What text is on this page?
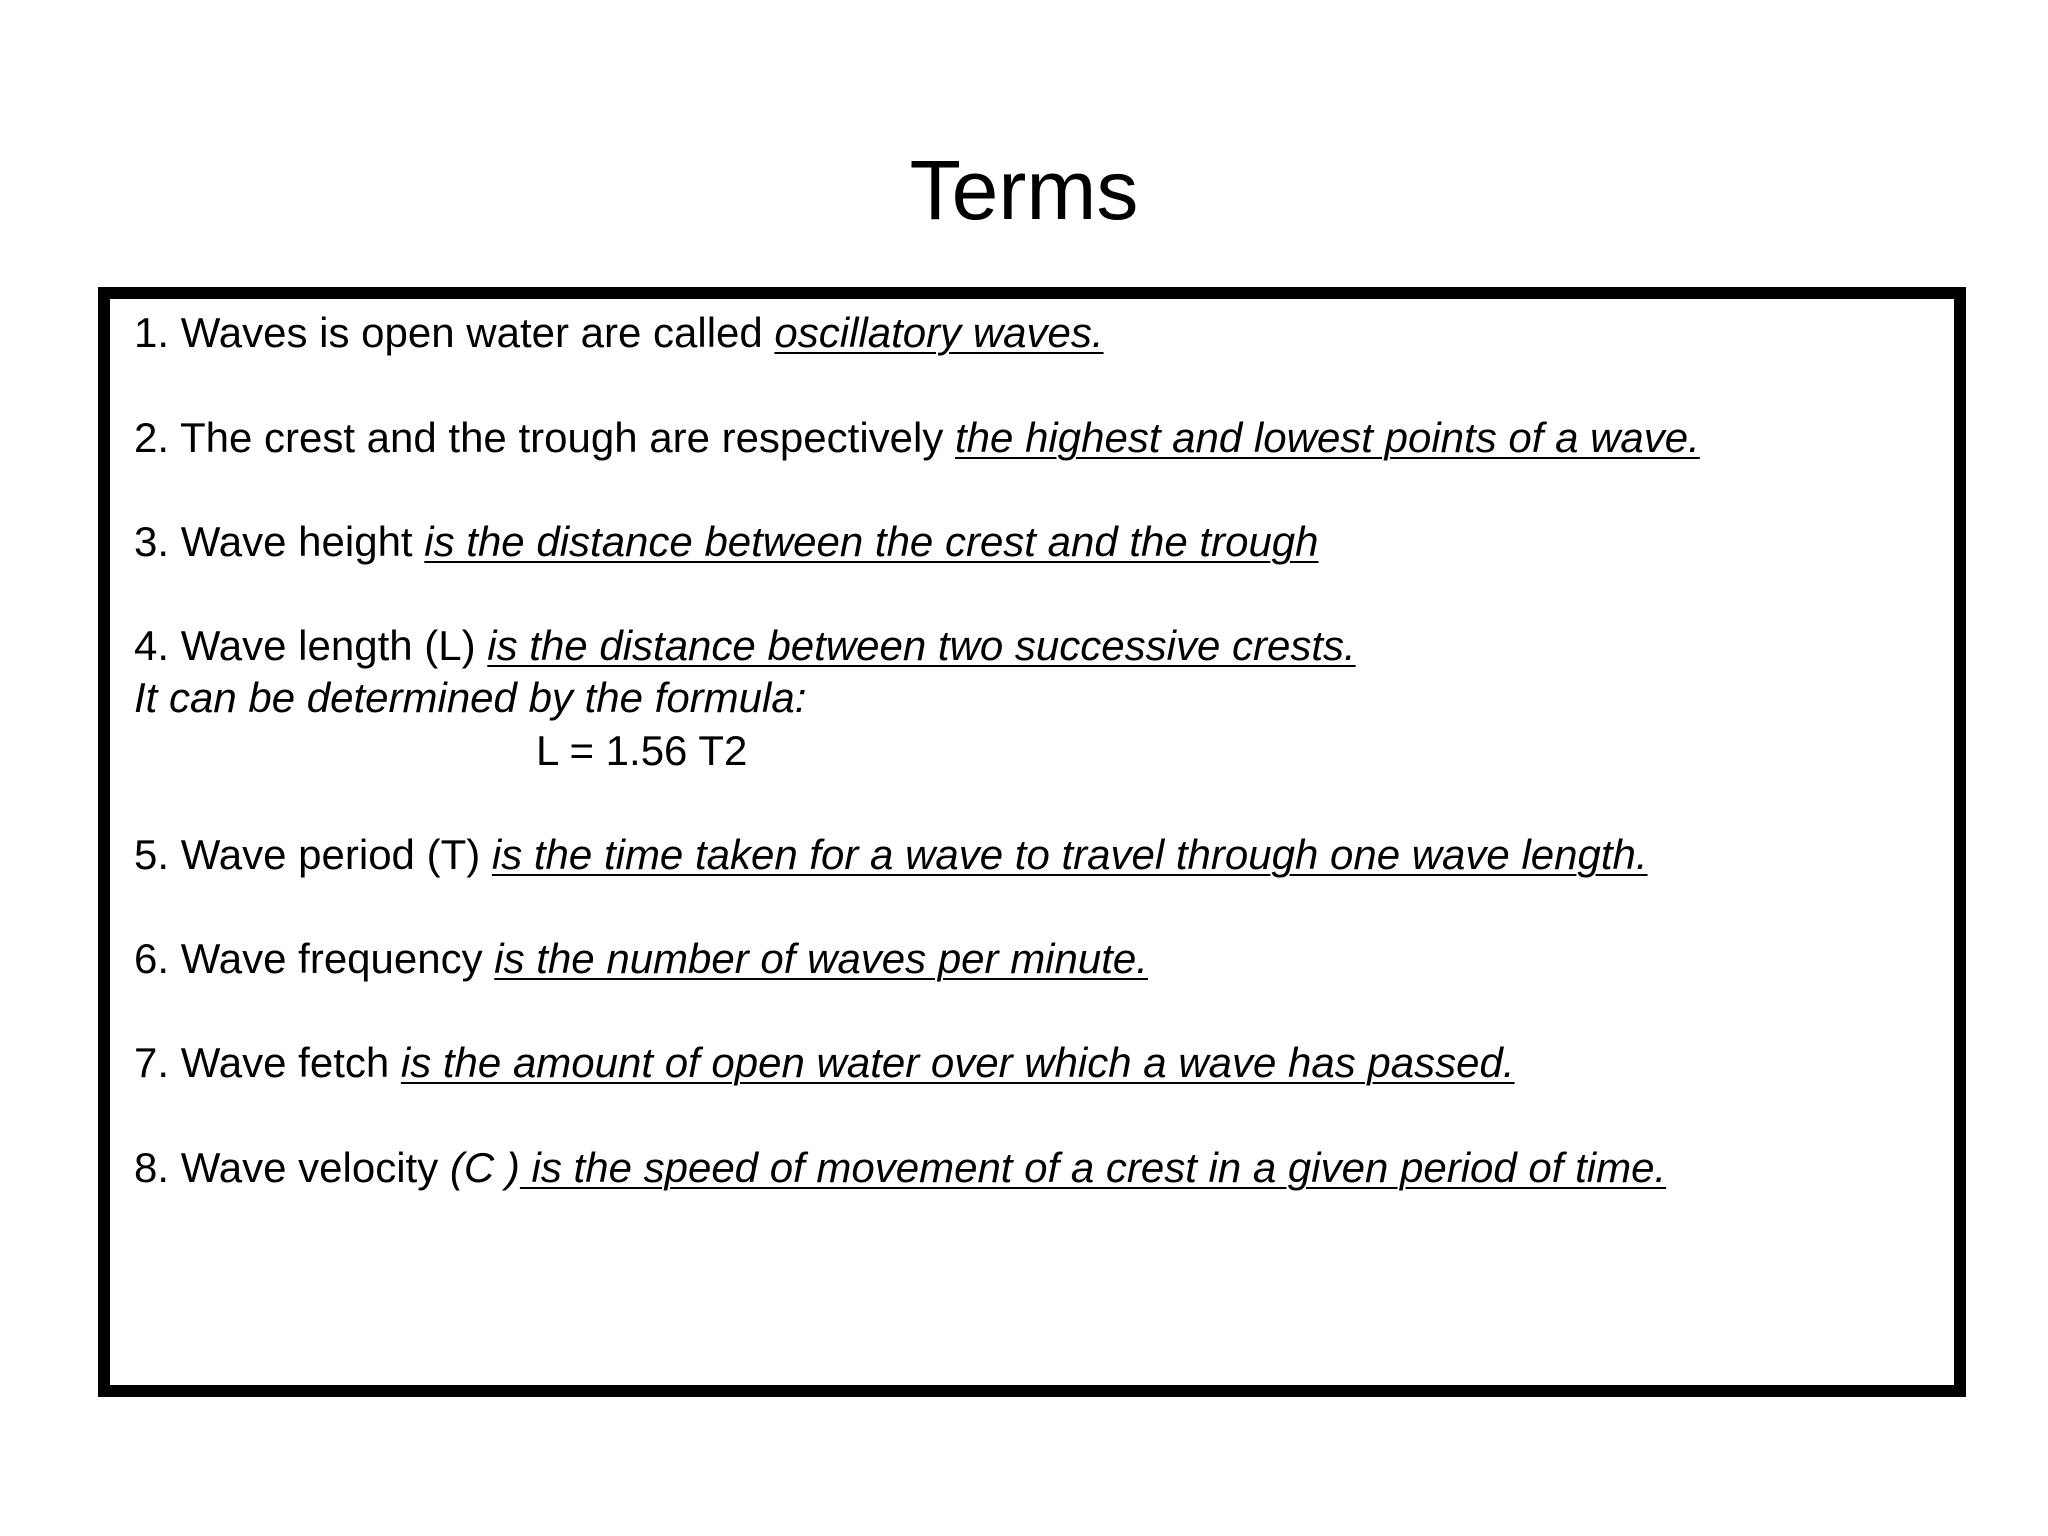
Terms
1. Waves is open water are called oscillatory waves.
2. The crest and the trough are respectively the highest and lowest points of a wave.
3. Wave height is the distance between the crest and the trough
4. Wave length (L) is the distance between two successive crests.
It can be determined by the formula:
L = 1.56 T2
5. Wave period (T) is the time taken for a wave to travel through one wave length.
6. Wave frequency is the number of waves per minute.
7. Wave fetch is the amount of open water over which a wave has passed.
8. Wave velocity (C ) is the speed of movement of a crest in a given period of time.
